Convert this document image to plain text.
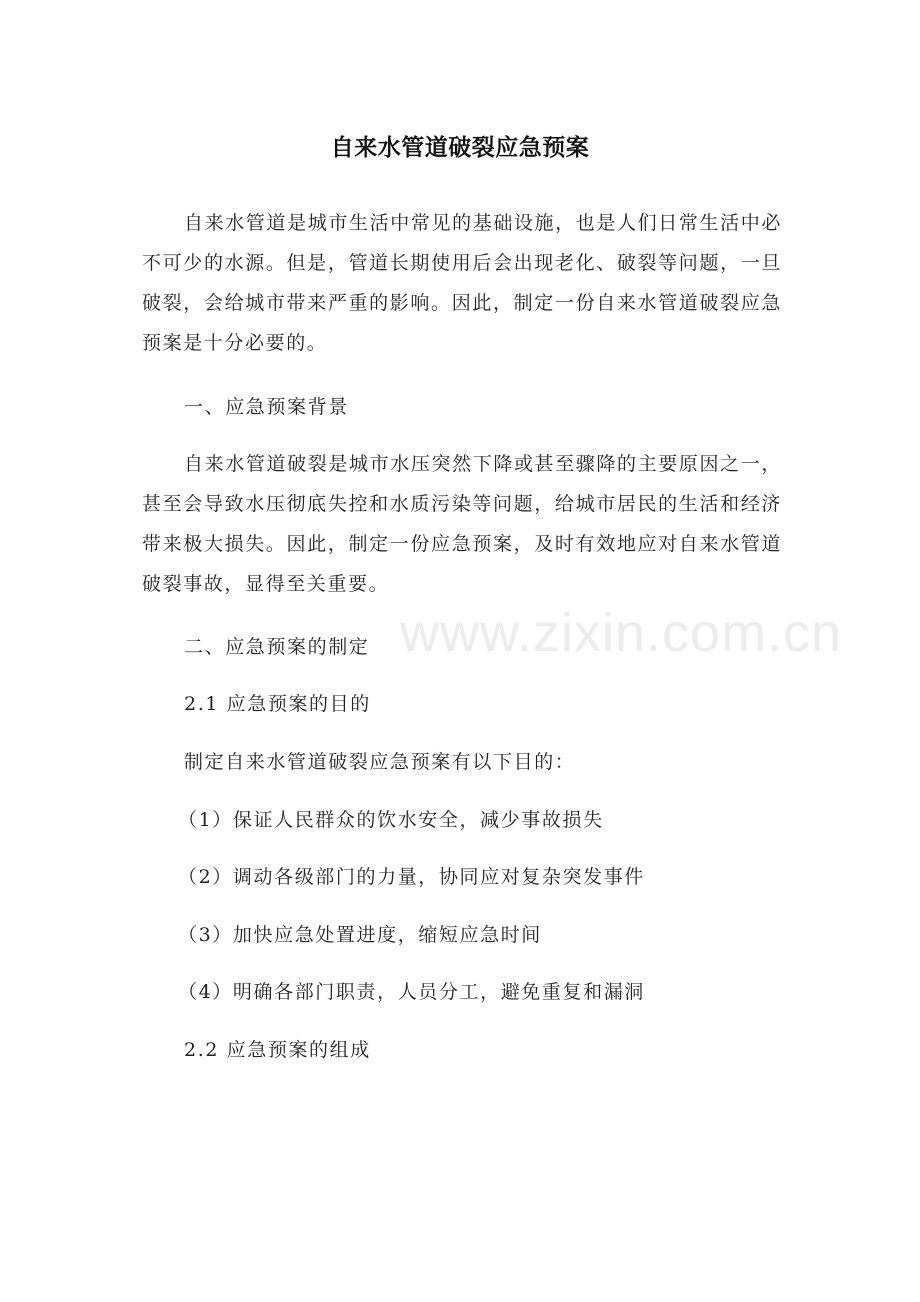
自来水管道破裂应急预案

自来水管道是城市生活中常见的基础设施，也是人们日常生活中必不可少的水源。但是，管道长期使用后会出现老化、破裂等问题，一旦破裂，会给城市带来严重的影响。因此，制定一份自来水管道破裂应急预案是十分必要的。

一、应急预案背景

自来水管道破裂是城市水压突然下降或甚至骤降的主要原因之一，甚至会导致水压彻底失控和水质污染等问题，给城市居民的生活和经济带来极大损失。因此，制定一份应急预案，及时有效地应对自来水管道破裂事故，显得至关重要。

二、应急预案的制定

2.1 应急预案的目的

制定自来水管道破裂应急预案有以下目的：

（1）保证人民群众的饮水安全，减少事故损失

（2）调动各级部门的力量，协同应对复杂突发事件

（3）加快应急处置进度，缩短应急时间

（4）明确各部门职责，人员分工，避免重复和漏洞

2.2 应急预案的组成

www.zixin.com.cn
